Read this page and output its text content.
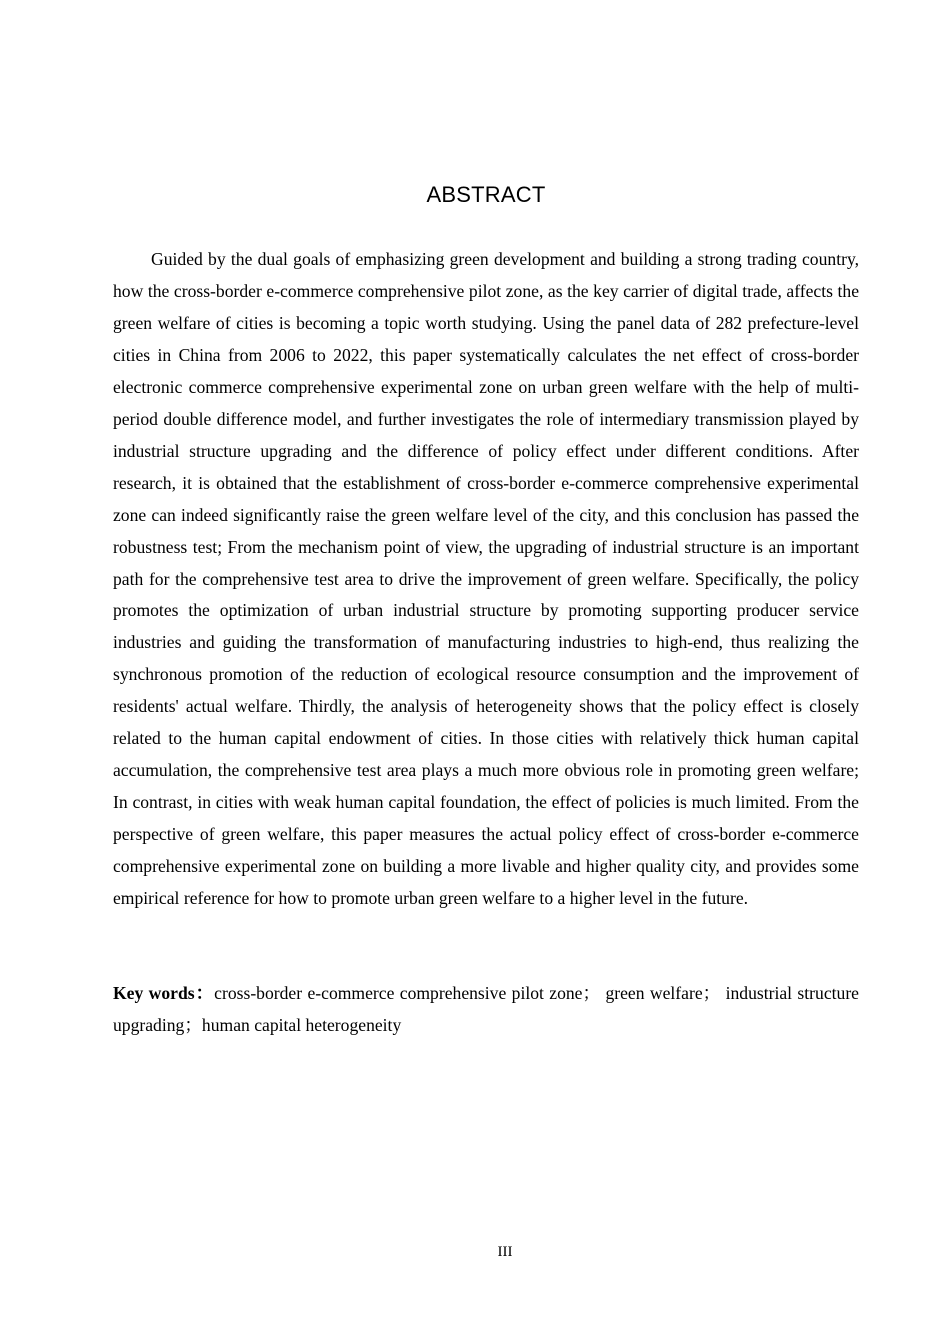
ABSTRACT

Guided by the dual goals of emphasizing green development and building a strong trading country, how the cross-border e-commerce comprehensive pilot zone, as the key carrier of digital trade, affects the green welfare of cities is becoming a topic worth studying. Using the panel data of 282 prefecture-level cities in China from 2006 to 2022, this paper systematically calculates the net effect of cross-border electronic commerce comprehensive experimental zone on urban green welfare with the help of multi-period double difference model, and further investigates the role of intermediary transmission played by industrial structure upgrading and the difference of policy effect under different conditions. After research, it is obtained that the establishment of cross-border e-commerce comprehensive experimental zone can indeed significantly raise the green welfare level of the city, and this conclusion has passed the robustness test; From the mechanism point of view, the upgrading of industrial structure is an important path for the comprehensive test area to drive the improvement of green welfare. Specifically, the policy promotes the optimization of urban industrial structure by promoting supporting producer service industries and guiding the transformation of manufacturing industries to high-end, thus realizing the synchronous promotion of the reduction of ecological resource consumption and the improvement of residents' actual welfare. Thirdly, the analysis of heterogeneity shows that the policy effect is closely related to the human capital endowment of cities. In those cities with relatively thick human capital accumulation, the comprehensive test area plays a much more obvious role in promoting green welfare; In contrast, in cities with weak human capital foundation, the effect of policies is much limited. From the perspective of green welfare, this paper measures the actual policy effect of cross-border e-commerce comprehensive experimental zone on building a more livable and higher quality city, and provides some empirical reference for how to promote urban green welfare to a higher level in the future.

Key words：cross-border e-commerce comprehensive pilot zone； green welfare； industrial structure upgrading；human capital heterogeneity

III
